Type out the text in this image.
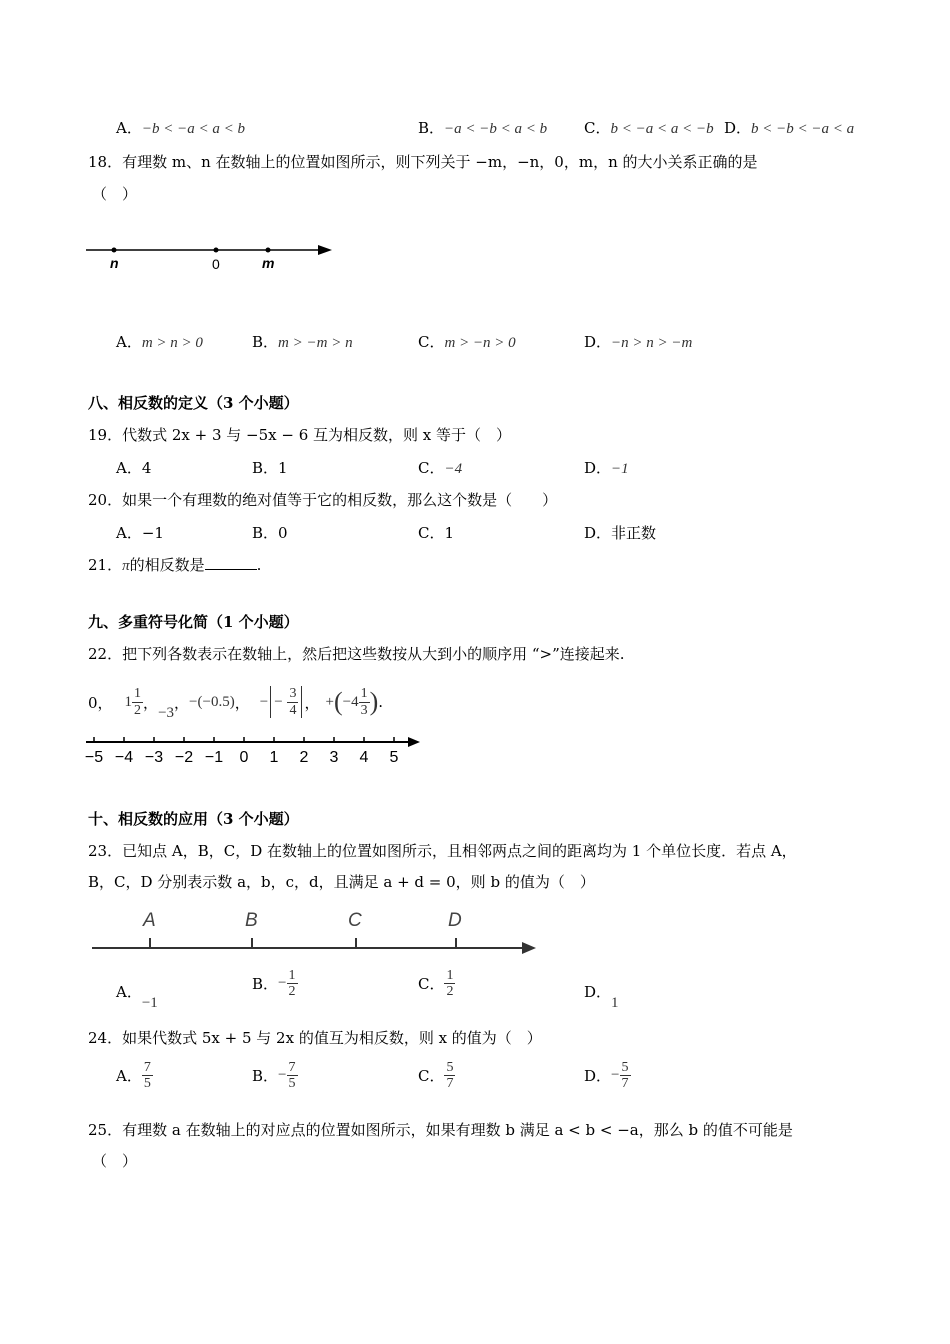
A．−b < −a < a < b	B．−a < −b < a < b C．b < −a < a < −b D．b < −b < −a < a
18．有理数 m、n 在数轴上的位置如图所示，则下列关于 −m，−n，0，m，n 的大小关系正确的是
（　）
n	0	m
A．m > n > 0	B．m > −m > n	C．m > −n > 0	D．−n > n > −m
八、相反数的定义（3 个小题）
19．代数式 2x + 3 与 −5x − 6 互为相反数，则 x 等于（　）
A．4	B．1	C．−4	D．−1
20．如果一个有理数的绝对值等于它的相反数，那么这个数是（　　）
A．−1	B．0	C．1	D．非正数
21．π的相反数是	.
九、多重符号化简（1 个小题）
22．把下列各数表示在数轴上，然后把这些数按从大到小的顺序用 “>”连接起来.
0， $1 \frac{1}{2}$ ，
−3
， −(−0.5) ， − − $\frac{3}{4}$ ， + ( $-4 \frac{1}{3}$ ) .
−5 −4 −3 −2 −1 0 1 2 3 4 5
十、相反数的应用（3 个小题）
23．已知点 A，B，C，D 在数轴上的位置如图所示，且相邻两点之间的距离均为 1 个单位长度．若点 A，
B，C，D 分别表示数 a，b，c，d，且满足 a + d = 0，则 b 的值为（　）
A	B	C	D
A．−1
B． − $\frac{1}{2}$	C． $\frac{1}{2}$	D．1
24．如果代数式 5x + 5 与 2x 的值互为相反数，则 x 的值为（　）
A． $\frac{7}{5}$	B． − $\frac{7}{5}$	C． $\frac{5}{7}$	D． − $\frac{5}{7}$
25．有理数 a 在数轴上的对应点的位置如图所示，如果有理数 b 满足 a < b < −a，那么 b 的值不可能是
（　）
